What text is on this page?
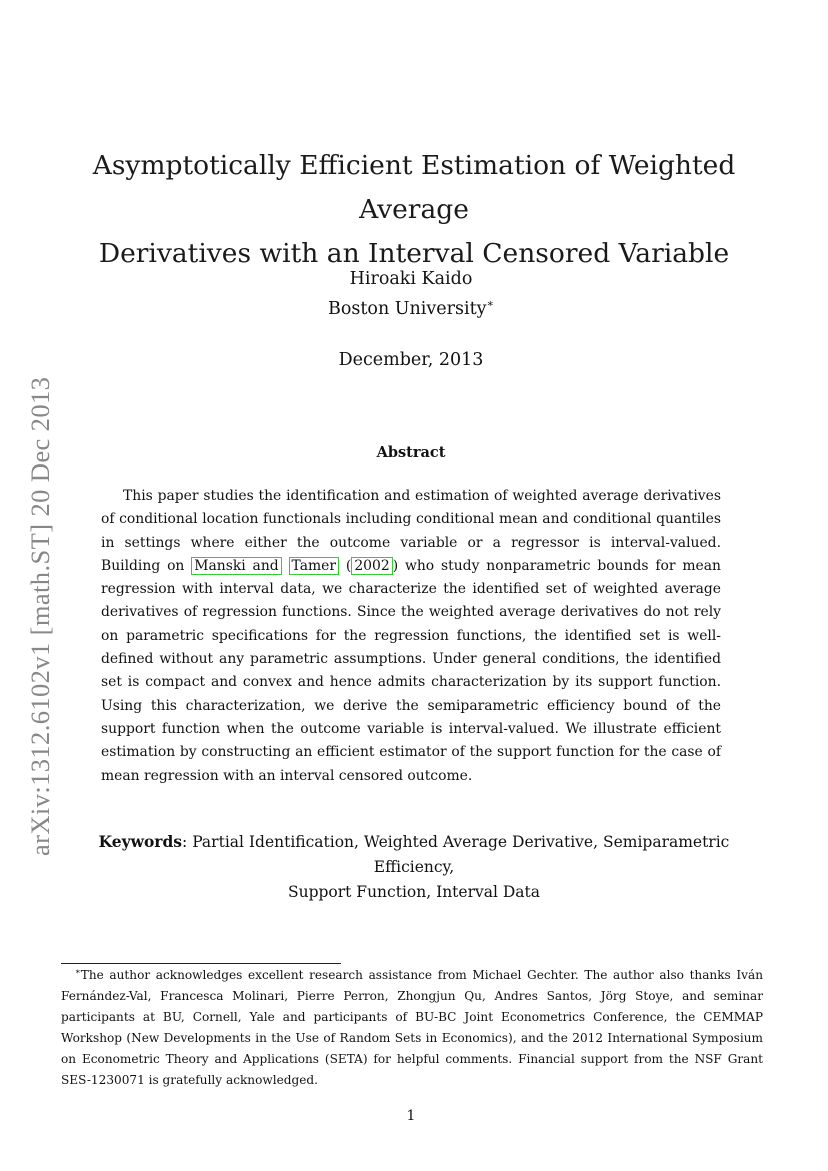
arXiv:1312.6102v1 [math.ST] 20 Dec 2013
Asymptotically Efficient Estimation of Weighted Average
Derivatives with an Interval Censored Variable
Hiroaki Kaido
Boston University∗
December, 2013
Abstract

This paper studies the identification and estimation of weighted average derivatives of conditional location functionals including conditional mean and conditional quantiles in settings where either the outcome variable or a regressor is interval-valued. Building on Manski and Tamer ( 2002 ) who study nonparametric bounds for mean regression with interval data, we characterize the identified set of weighted average derivatives of regression functions. Since the weighted average derivatives do not rely on parametric specifications for the regression functions, the identified set is well-defined without any parametric assumptions. Under general conditions, the identified set is compact and convex and hence admits characterization by its support function. Using this characterization, we derive the semiparametric efficiency bound of the support function when the outcome variable is interval-valued. We illustrate efficient estimation by constructing an efficient estimator of the support function for the case of mean regression with an interval censored outcome.

Keywords: Partial Identification, Weighted Average Derivative, Semiparametric Efficiency,
Support Function, Interval Data

∗The author acknowledges excellent research assistance from Michael Gechter. The author also thanks Iván Fernández-Val, Francesca Molinari, Pierre Perron, Zhongjun Qu, Andres Santos, Jörg Stoye, and seminar participants at BU, Cornell, Yale and participants of BU-BC Joint Econometrics Conference, the CEMMAP Workshop (New Developments in the Use of Random Sets in Economics), and the 2012 International Symposium on Econometric Theory and Applications (SETA) for helpful comments. Financial support from the NSF Grant SES-1230071 is gratefully acknowledged.

1
